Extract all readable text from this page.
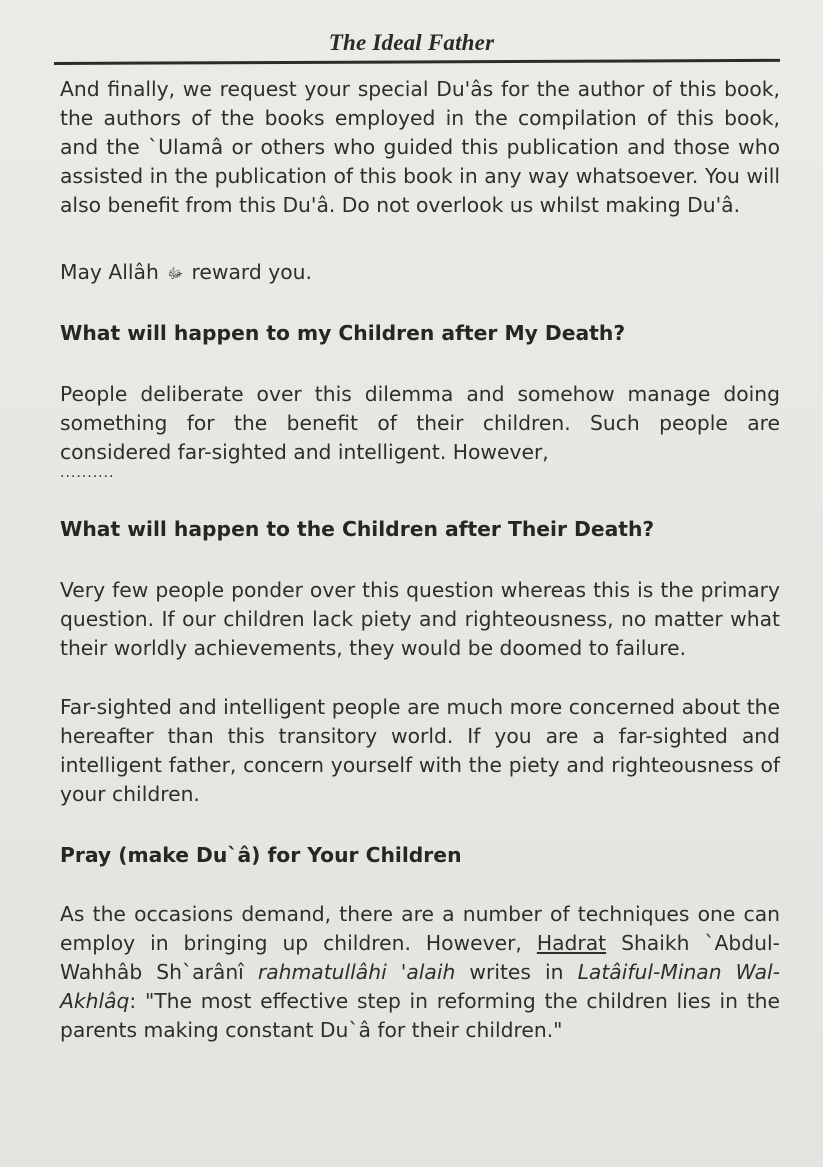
The Ideal Father

And finally, we request your special Du'âs for the author of this book, the authors of the books employed in the compilation of this book, and the `Ulamâ or others who guided this publication and those who assisted in the publication of this book in any way whatsoever. You will also benefit from this Du'â. Do not overlook us whilst making Du'â.

May Allâh ﷻ reward you.

What will happen to my Children after My Death?

People deliberate over this dilemma and somehow manage doing something for the benefit of their children. Such people are considered far-sighted and intelligent. However,

..........

What will happen to the Children after Their Death?

Very few people ponder over this question whereas this is the primary question. If our children lack piety and righteousness, no matter what their worldly achievements, they would be doomed to failure.

Far-sighted and intelligent people are much more concerned about the hereafter than this transitory world. If you are a far-sighted and intelligent father, concern yourself with the piety and righteousness of your children.

Pray (make Du`â) for Your Children

As the occasions demand, there are a number of techniques one can employ in bringing up children. However, Hadrat Shaikh `Abdul-Wahhâb Sh`arânî rahmatullâhi 'alaih writes in Latâiful-Minan Wal-Akhlâq: "The most effective step in reforming the children lies in the parents making constant Du`â for their children."
